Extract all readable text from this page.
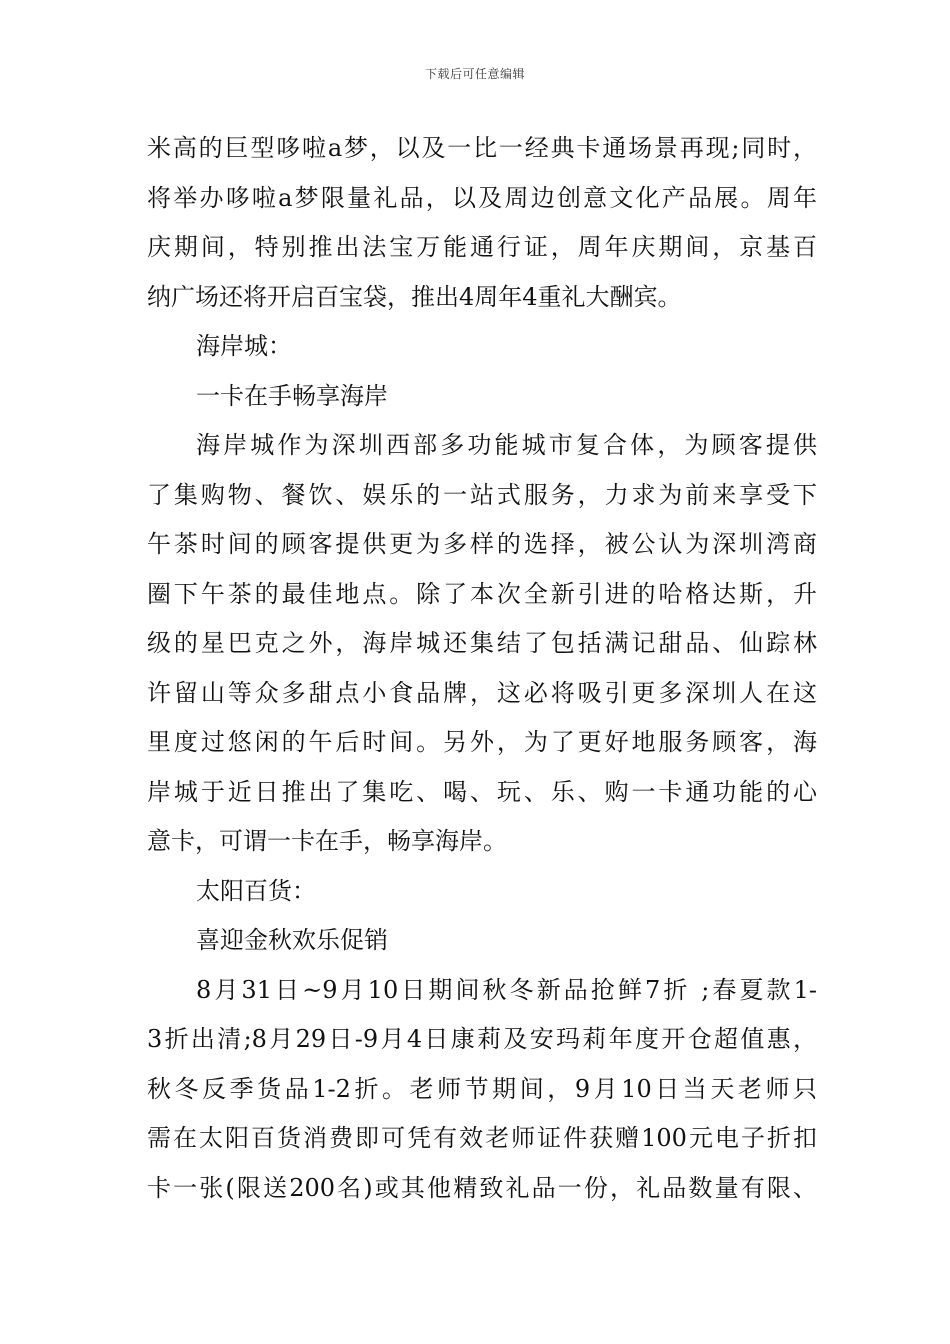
下载后可任意编辑
米高的巨型哆啦a梦，以及一比一经典卡通场景再现;同时，
将举办哆啦a梦限量礼品，以及周边创意文化产品展。周年
庆期间，特别推出法宝万能通行证，周年庆期间，京基百
纳广场还将开启百宝袋，推出4周年4重礼大酬宾。
海岸城：
一卡在手畅享海岸
海岸城作为深圳西部多功能城市复合体，为顾客提供
了集购物、餐饮、娱乐的一站式服务，力求为前来享受下
午茶时间的顾客提供更为多样的选择，被公认为深圳湾商
圈下午茶的最佳地点。除了本次全新引进的哈格达斯，升
级的星巴克之外，海岸城还集结了包括满记甜品、仙踪林
许留山等众多甜点小食品牌，这必将吸引更多深圳人在这
里度过悠闲的午后时间。另外，为了更好地服务顾客，海
岸城于近日推出了集吃、喝、玩、乐、购一卡通功能的心
意卡，可谓一卡在手，畅享海岸。
太阳百货：
喜迎金秋欢乐促销
8月31日~9月10日期间秋冬新品抢鲜7折 ;春夏款1-
3折出清;8月29日-9月4日康莉及安玛莉年度开仓超值惠，
秋冬反季货品1-2折。老师节期间，9月10日当天老师只
需在太阳百货消费即可凭有效老师证件获赠100元电子折扣
卡一张(限送200名)或其他精致礼品一份，礼品数量有限、
